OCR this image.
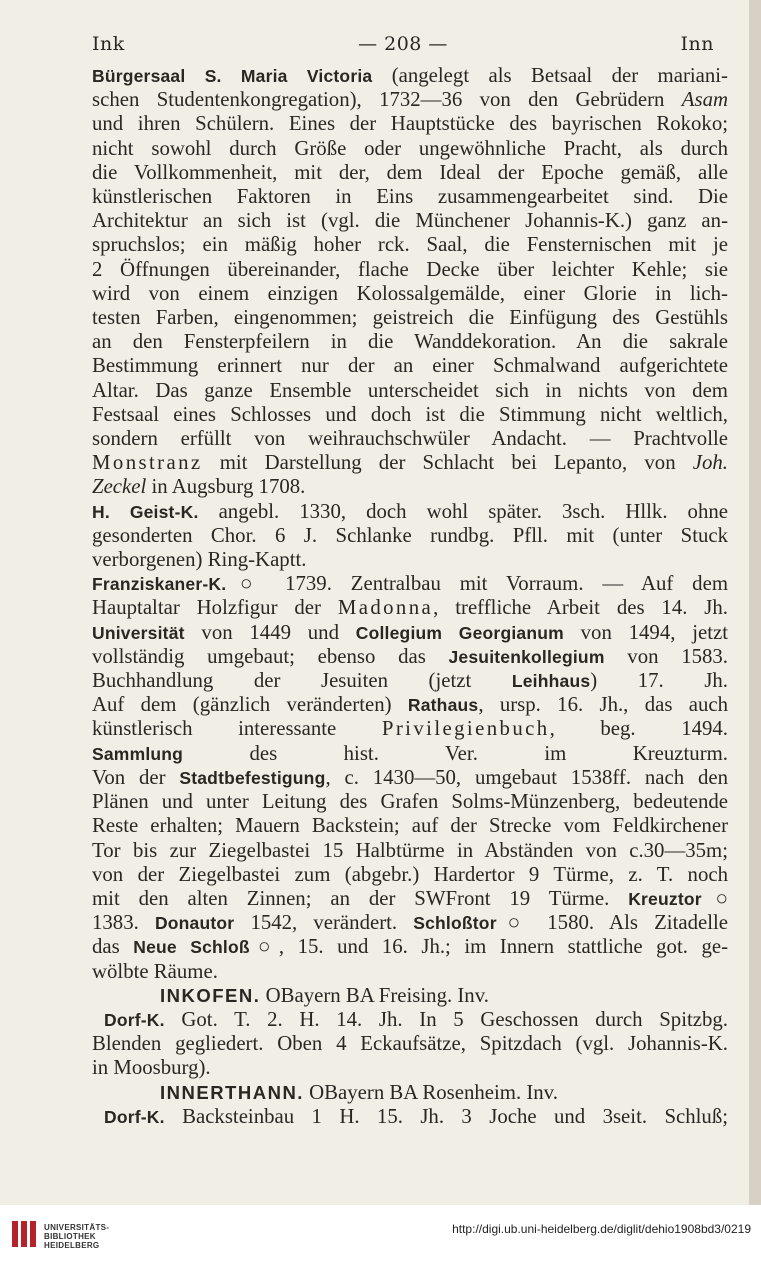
Ink	— 208 —	Inn
Bürgersaal S. Maria Victoria (angelegt als Betsaal der mariani-
schen Studentenkongregation), 1732—36 von den Gebrüdern Asam
und ihren Schülern. Eines der Hauptstücke des bayrischen Rokoko;
nicht sowohl durch Größe oder ungewöhnliche Pracht, als durch
die Vollkommenheit, mit der, dem Ideal der Epoche gemäß, alle
künstlerischen Faktoren in Eins zusammengearbeitet sind. Die
Architektur an sich ist (vgl. die Münchener Johannis-K.) ganz an-
spruchslos; ein mäßig hoher rck. Saal, die Fensternischen mit je
2 Öffnungen übereinander, flache Decke über leichter Kehle; sie
wird von einem einzigen Kolossalgemälde, einer Glorie in lich-
testen Farben, eingenommen; geistreich die Einfügung des Gestühls
an den Fensterpfeilern in die Wanddekoration. An die sakrale
Bestimmung erinnert nur der an einer Schmalwand aufgerichtete
Altar. Das ganze Ensemble unterscheidet sich in nichts von dem
Festsaal eines Schlosses und doch ist die Stimmung nicht weltlich,
sondern erfüllt von weihrauchschwüler Andacht. — Prachtvolle
Monstranz mit Darstellung der Schlacht bei Lepanto, von Joh.
Zeckel in Augsburg 1708.
H. Geist-K. angebl. 1330, doch wohl später. 3sch. Hllk. ohne
gesonderten Chor. 6 J. Schlanke rundbg. Pfll. mit (unter Stuck
verborgenen) Ring-Kaptt.
Franziskaner-K.○ 1739. Zentralbau mit Vorraum. — Auf dem
Hauptaltar Holzfigur der Madonna, treffliche Arbeit des 14. Jh.
Universität von 1449 und Collegium Georgianum von 1494, jetzt
vollständig umgebaut; ebenso das Jesuitenkollegium von 1583.
Buchhandlung der Jesuiten (jetzt Leihhaus) 17. Jh.
Auf dem (gänzlich veränderten) Rathaus, ursp. 16. Jh., das auch
künstlerisch interessante Privilegienbuch, beg. 1494.
Sammlung des hist. Ver. im Kreuzturm.
Von der Stadtbefestigung, c. 1430—50, umgebaut 1538ff. nach den
Plänen und unter Leitung des Grafen Solms-Münzenberg, bedeutende
Reste erhalten; Mauern Backstein; auf der Strecke vom Feldkirchener
Tor bis zur Ziegelbastei 15 Halbtürme in Abständen von c.30—35m;
von der Ziegelbastei zum (abgebr.) Hardertor 9 Türme, z. T. noch
mit den alten Zinnen; an der SWFront 19 Türme. Kreuztor○
1383. Donautor 1542, verändert. Schloßtor○ 1580. Als Zitadelle
das Neue Schloß○, 15. und 16. Jh.; im Innern stattliche got. ge-
wölbte Räume.
INKOFEN. OBayern BA Freising. Inv.
Dorf-K. Got. T. 2. H. 14. Jh. In 5 Geschossen durch Spitzbg.
Blenden gegliedert. Oben 4 Eckaufsätze, Spitzdach (vgl. Johannis-K.
in Moosburg).
INNERTHANN. OBayern BA Rosenheim. Inv.
Dorf-K. Backsteinbau 1 H. 15. Jh. 3 Joche und 3seit. Schluß;
UNIVERSITÄTS-
BIBLIOTHEK
HEIDELBERG
http://digi.ub.uni-heidelberg.de/diglit/dehio1908bd3/0219
